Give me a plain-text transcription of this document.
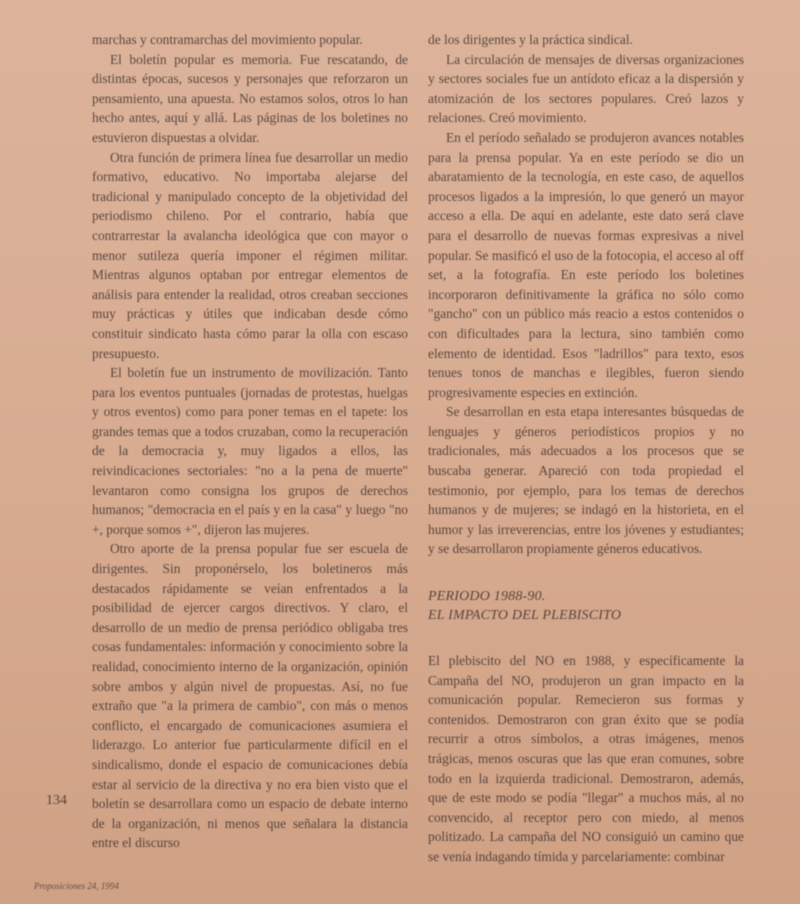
marchas y contramarchas del movimiento popular.

El boletín popular es memoria. Fue rescatando, de distintas épocas, sucesos y personajes que reforzaron un pensamiento, una apuesta. No estamos solos, otros lo han hecho antes, aquí y allá. Las páginas de los boletines no estuvieron dispuestas a olvidar.

Otra función de primera línea fue desarrollar un medio formativo, educativo. No importaba alejarse del tradicional y manipulado concepto de la objetividad del periodismo chileno. Por el contrario, había que contrarrestar la avalancha ideológica que con mayor o menor sutileza quería imponer el régimen militar. Mientras algunos optaban por entregar elementos de análisis para entender la realidad, otros creaban secciones muy prácticas y útiles que indicaban desde cómo constituir sindicato hasta cómo parar la olla con escaso presupuesto.

El boletín fue un instrumento de movilización. Tanto para los eventos puntuales (jornadas de protestas, huelgas y otros eventos) como para poner temas en el tapete: los grandes temas que a todos cruzaban, como la recuperación de la democracia y, muy ligados a ellos, las reivindicaciones sectoriales: "no a la pena de muerte" levantaron como consigna los grupos de derechos humanos; "democracia en el país y en la casa" y luego "no +, porque somos +", dijeron las mujeres.

Otro aporte de la prensa popular fue ser escuela de dirigentes. Sin proponérselo, los boletineros más destacados rápidamente se veían enfrentados a la posibilidad de ejercer cargos directivos. Y claro, el desarrollo de un medio de prensa periódico obligaba tres cosas fundamentales: información y conocimiento sobre la realidad, conocimiento interno de la organización, opinión sobre ambos y algún nivel de propuestas. Así, no fue extraño que "a la primera de cambio", con más o menos conflicto, el encargado de comunicaciones asumiera el liderazgo. Lo anterior fue particularmente difícil en el sindicalismo, donde el espacio de comunicaciones debía estar al servicio de la directiva y no era bien visto que el boletín se desarrollara como un espacio de debate interno de la organización, ni menos que señalara la distancia entre el discurso

de los dirigentes y la práctica sindical.

La circulación de mensajes de diversas organizaciones y sectores sociales fue un antídoto eficaz a la dispersión y atomización de los sectores populares. Creó lazos y relaciones. Creó movimiento.

En el período señalado se produjeron avances notables para la prensa popular. Ya en este período se dio un abaratamiento de la tecnología, en este caso, de aquellos procesos ligados a la impresión, lo que generó un mayor acceso a ella. De aquí en adelante, este dato será clave para el desarrollo de nuevas formas expresivas a nivel popular. Se masificó el uso de la fotocopia, el acceso al off set, a la fotografía. En este período los boletines incorporaron definitivamente la gráfica no sólo como "gancho" con un público más reacio a estos contenidos o con dificultades para la lectura, sino también como elemento de identidad. Esos "ladrillos" para texto, esos tenues tonos de manchas e ilegibles, fueron siendo progresivamente especies en extinción.

Se desarrollan en esta etapa interesantes búsquedas de lenguajes y géneros periodísticos propios y no tradicionales, más adecuados a los procesos que se buscaba generar. Apareció con toda propiedad el testimonio, por ejemplo, para los temas de derechos humanos y de mujeres; se indagó en la historieta, en el humor y las irreverencias, entre los jóvenes y estudiantes; y se desarrollaron propiamente géneros educativos.

PERIODO 1988-90.
EL IMPACTO DEL PLEBISCITO

El plebiscito del NO en 1988, y específicamente la Campaña del NO, produjeron un gran impacto en la comunicación popular. Remecieron sus formas y contenidos. Demostraron con gran éxito que se podía recurrir a otros símbolos, a otras imágenes, menos trágicas, menos oscuras que las que eran comunes, sobre todo en la izquierda tradicional. Demostraron, además, que de este modo se podía "llegar" a muchos más, al no convencido, al receptor pero con miedo, al menos politizado. La campaña del NO consiguió un camino que se venía indagando tímida y parcelariamente: combinar

134
Proposiciones 24, 1994
